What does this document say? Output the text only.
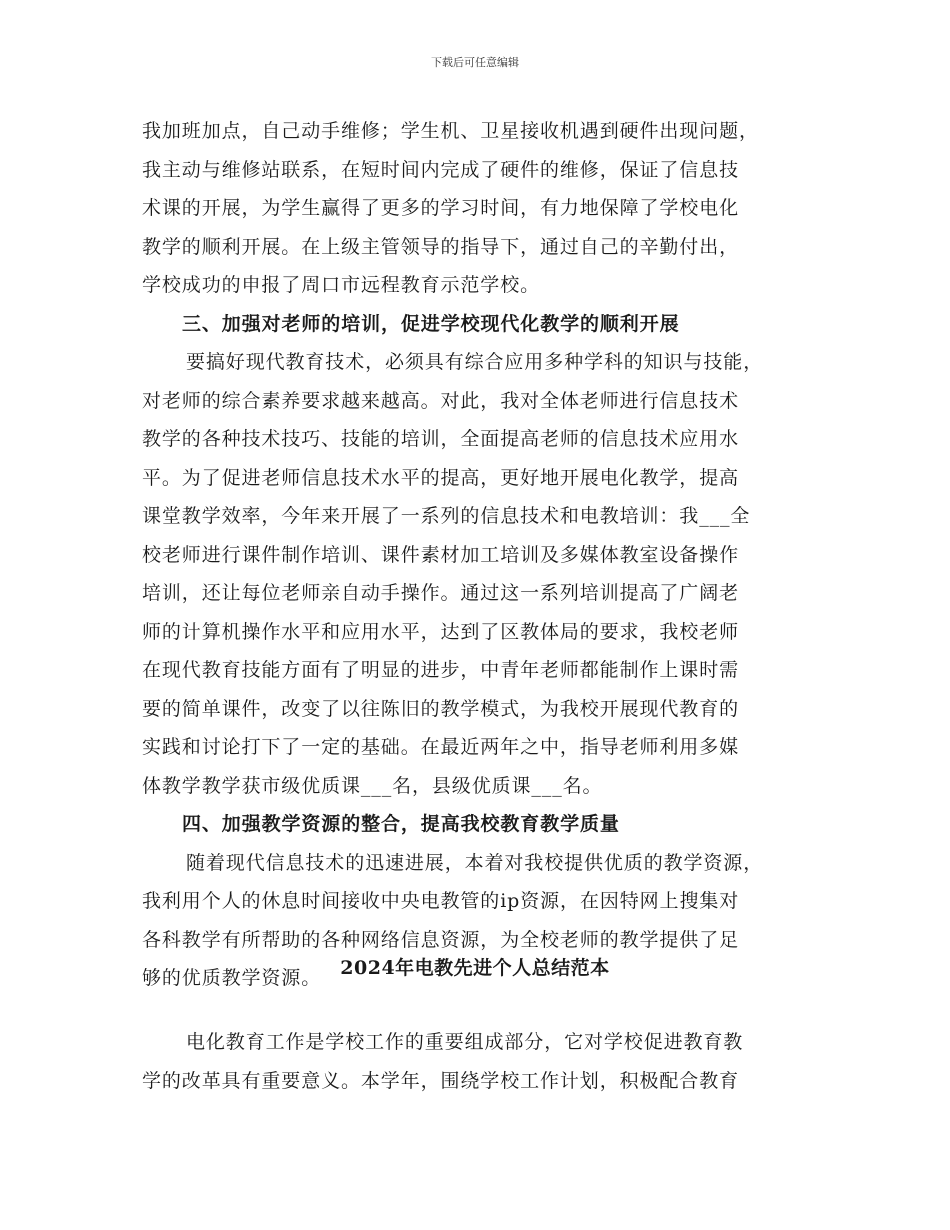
下载后可任意编辑
我加班加点，自己动手维修；学生机、卫星接收机遇到硬件出现问题，
我主动与维修站联系，在短时间内完成了硬件的维修，保证了信息技
术课的开展，为学生赢得了更多的学习时间，有力地保障了学校电化
教学的顺利开展。在上级主管领导的指导下，通过自己的辛勤付出，
学校成功的申报了周口市远程教育示范学校。
三、加强对老师的培训，促进学校现代化教学的顺利开展
要搞好现代教育技术，必须具有综合应用多种学科的知识与技能，
对老师的综合素养要求越来越高。对此，我对全体老师进行信息技术
教学的各种技术技巧、技能的培训，全面提高老师的信息技术应用水
平。为了促进老师信息技术水平的提高，更好地开展电化教学，提高
课堂教学效率，今年来开展了一系列的信息技术和电教培训：我___全
校老师进行课件制作培训、课件素材加工培训及多媒体教室设备操作
培训，还让每位老师亲自动手操作。通过这一系列培训提高了广阔老
师的计算机操作水平和应用水平，达到了区教体局的要求，我校老师
在现代教育技能方面有了明显的进步，中青年老师都能制作上课时需
要的简单课件，改变了以往陈旧的教学模式，为我校开展现代教育的
实践和讨论打下了一定的基础。在最近两年之中，指导老师利用多媒
体教学教学获市级优质课___名，县级优质课___名。
四、加强教学资源的整合，提高我校教育教学质量
随着现代信息技术的迅速进展，本着对我校提供优质的教学资源，
我利用个人的休息时间接收中央电教管的ip资源，在因特网上搜集对
各科教学有所帮助的各种网络信息资源，为全校老师的教学提供了足
够的优质教学资源。	2024年电教先进个人总结范本
电化教育工作是学校工作的重要组成部分，它对学校促进教育教
学的改革具有重要意义。本学年，围绕学校工作计划，积极配合教育
